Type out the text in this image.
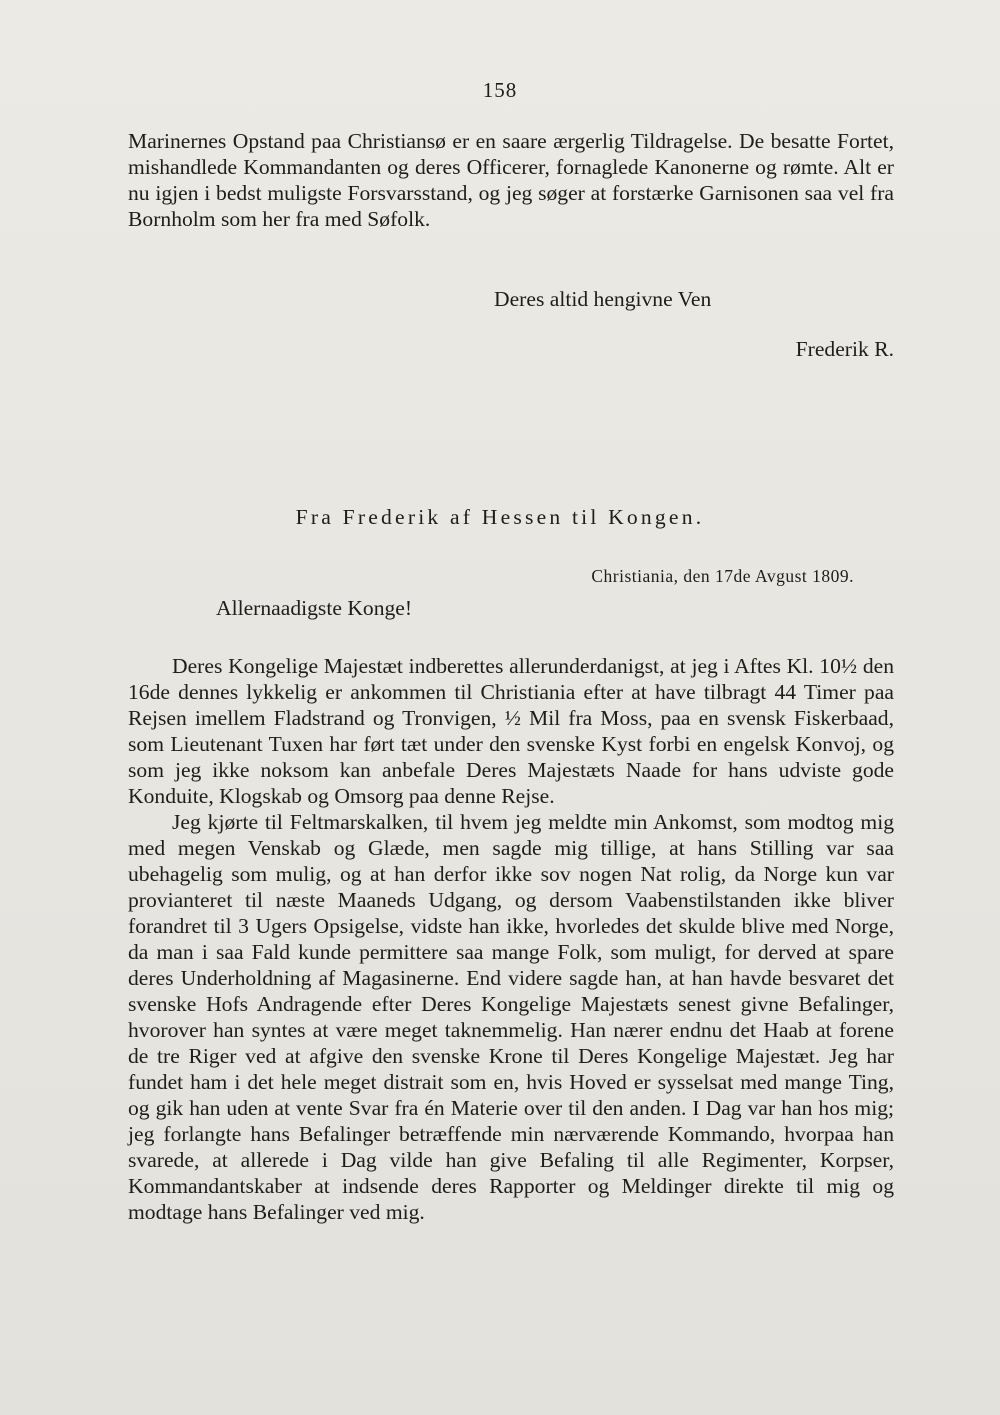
158

Marinernes Opstand paa Christiansø er en saare ærgerlig Tildragelse. De besatte Fortet, mishandlede Kommandanten og deres Officerer, fornaglede Kanonerne og rømte. Alt er nu igjen i bedst muligste Forsvarsstand, og jeg søger at forstærke Garnisonen saa vel fra Bornholm som her fra med Søfolk.

Deres altid hengivne Ven
Frederik R.
Fra Frederik af Hessen til Kongen.
Christiania, den 17de Avgust 1809.
Allernaadigste Konge!
Deres Kongelige Majestæt indberettes allerunderdanigst, at jeg i Aftes Kl. 10½ den 16de dennes lykkelig er ankommen til Christiania efter at have tilbragt 44 Timer paa Rejsen imellem Fladstrand og Tronvigen, ½ Mil fra Moss, paa en svensk Fiskerbaad, som Lieutenant Tuxen har ført tæt under den svenske Kyst forbi en engelsk Konvoj, og som jeg ikke noksom kan anbefale Deres Majestæts Naade for hans udviste gode Konduite, Klogskab og Omsorg paa denne Rejse.
Jeg kjørte til Feltmarskalken, til hvem jeg meldte min Ankomst, som modtog mig med megen Venskab og Glæde, men sagde mig tillige, at hans Stilling var saa ubehagelig som mulig, og at han derfor ikke sov nogen Nat rolig, da Norge kun var provianteret til næste Maaneds Udgang, og dersom Vaabenstilstanden ikke bliver forandret til 3 Ugers Opsigelse, vidste han ikke, hvorledes det skulde blive med Norge, da man i saa Fald kunde permittere saa mange Folk, som muligt, for derved at spare deres Underholdning af Magasinerne. End videre sagde han, at han havde besvaret det svenske Hofs Andragende efter Deres Kongelige Majestæts senest givne Befalinger, hvorover han syntes at være meget taknemmelig. Han nærer endnu det Haab at forene de tre Riger ved at afgive den svenske Krone til Deres Kongelige Majestæt. Jeg har fundet ham i det hele meget distrait som en, hvis Hoved er sysselsat med mange Ting, og gik han uden at vente Svar fra én Materie over til den anden. I Dag var han hos mig; jeg forlangte hans Befalinger betræffende min nærværende Kommando, hvorpaa han svarede, at allerede i Dag vilde han give Befaling til alle Regimenter, Korpser, Kommandantskaber at indsende deres Rapporter og Meldinger direkte til mig og modtage hans Befalinger ved mig.
